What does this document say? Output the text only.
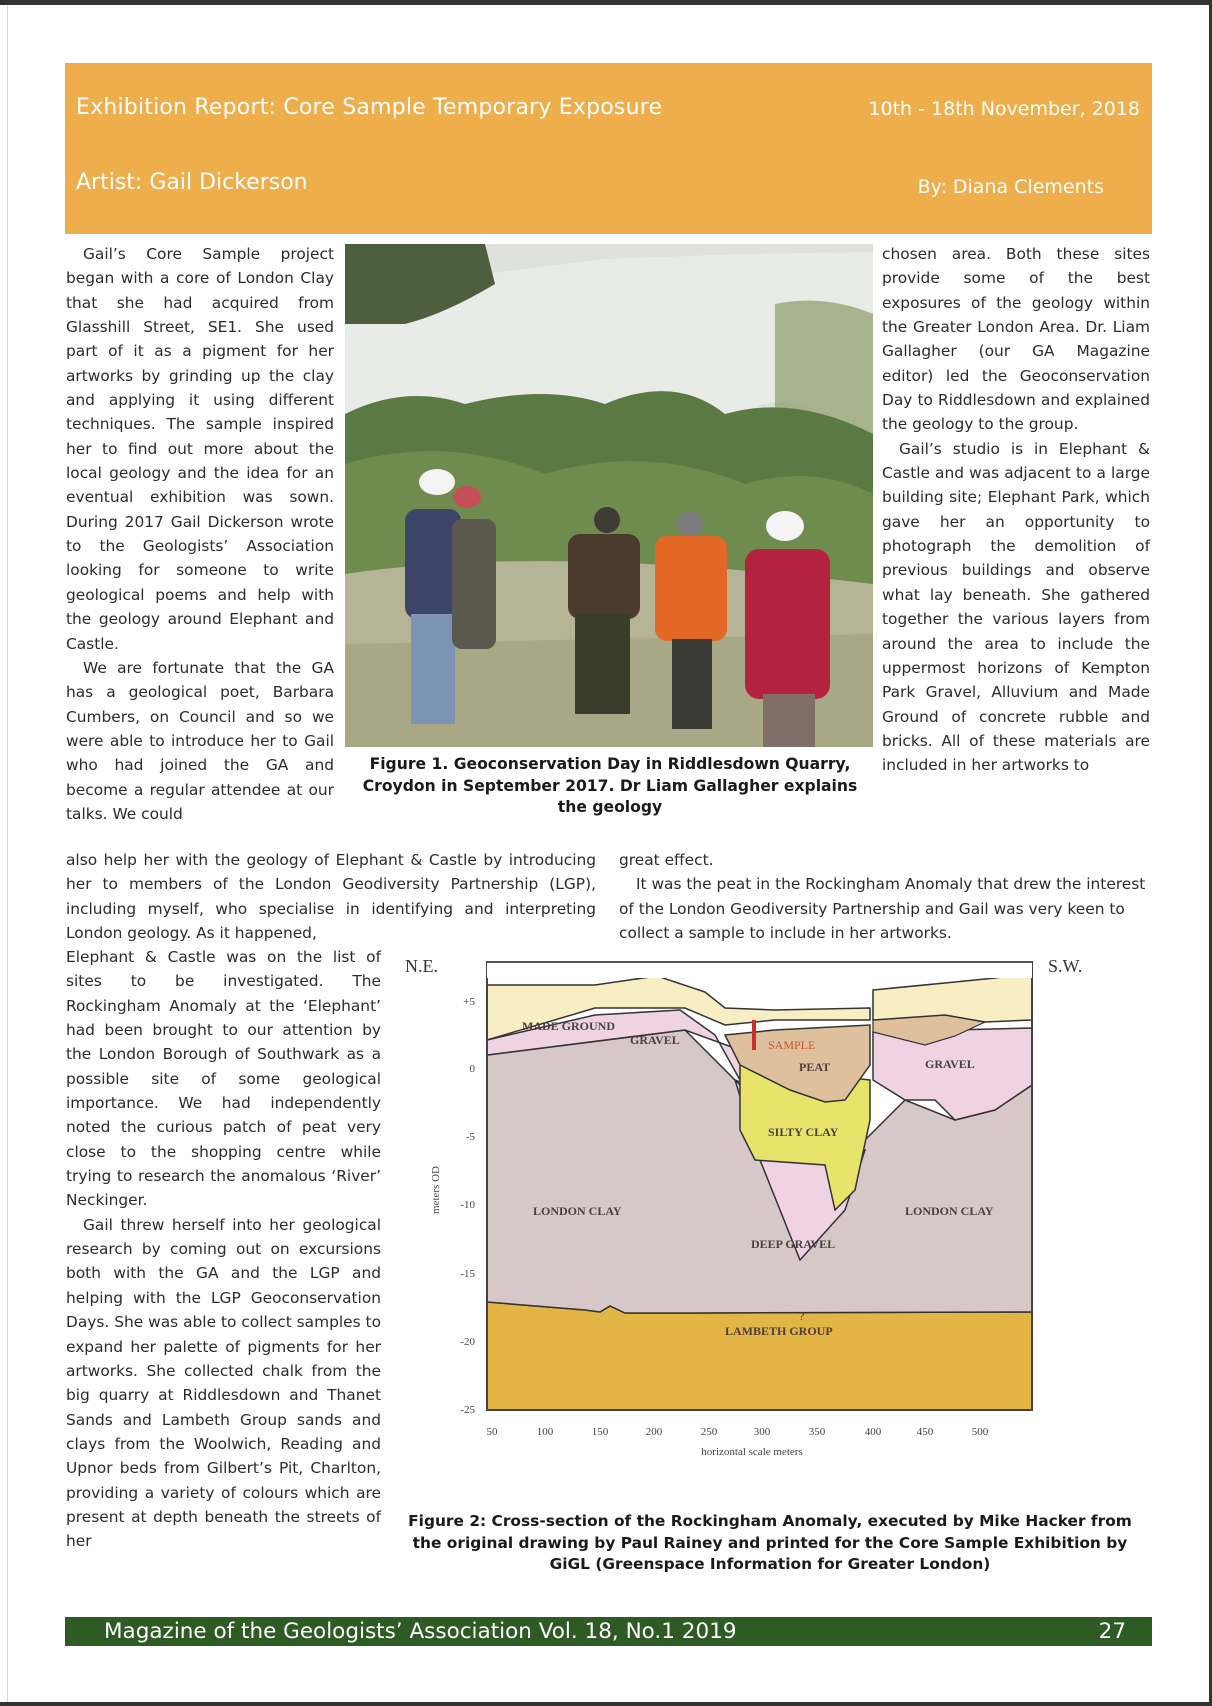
Exhibition Report: Core Sample Temporary Exposure	10th - 18th November, 2018
Artist: Gail Dickerson	By: Diana Clements

Gail’s Core Sample project began with a core of London Clay that she had acquired from Glasshill Street, SE1. She used part of it as a pigment for her artworks by grinding up the clay and applying it using different techniques. The sample inspired her to find out more about the local geology and the idea for an eventual exhibition was sown. During 2017 Gail Dickerson wrote to the Geologists’ Association looking for someone to write geological poems and help with the geology around Elephant and Castle.

We are fortunate that the GA has a geological poet, Barbara Cumbers, on Council and so we were able to introduce her to Gail who had joined the GA and become a regular attendee at our talks. We could

Figure 1. Geoconservation Day in Riddlesdown Quarry, Croydon in September 2017. Dr Liam Gallagher explains the geology

chosen area. Both these sites provide some of the best exposures of the geology within the Greater London Area. Dr. Liam Gallagher (our GA Magazine editor) led the Geoconservation Day to Riddlesdown and explained the geology to the group.

Gail’s studio is in Elephant & Castle and was adjacent to a large building site; Elephant Park, which gave her an opportunity to photograph the demolition of previous buildings and observe what lay beneath. She gathered together the various layers from around the area to include the uppermost horizons of Kempton Park Gravel, Alluvium and Made Ground of concrete rubble and bricks. All of these materials are included in her artworks to

also help her with the geology of Elephant & Castle by introducing her to members of the London Geodiversity Partnership (LGP), including myself, who specialise in identifying and interpreting London geology. As it happened,

great effect.

It was the peat in the Rockingham Anomaly that drew the interest of the London Geodiversity Partnership and Gail was very keen to collect a sample to include in her artworks.

Elephant & Castle was on the list of sites to be investigated. The Rockingham Anomaly at the ‘Elephant’ had been brought to our attention by the London Borough of Southwark as a possible site of some geological importance. We had independently noted the curious patch of peat very close to the shopping centre while trying to research the anomalous ‘River’ Neckinger.

Gail threw herself into her geological research by coming out on excursions both with the GA and the LGP and helping with the LGP Geoconservation Days. She was able to collect samples to expand her palette of pigments for her artworks. She collected chalk from the big quarry at Riddlesdown and Thanet Sands and Lambeth Group sands and clays from the Woolwich, Reading and Upnor beds from Gilbert’s Pit, Charlton, providing a variety of colours which are present at depth beneath the streets of her

N.E.	S.W.
+5
0
-5
-10
-15
-20
-25
meters OD
50	100	150	200	250	300	350	400	450	500
horizontal scale meters
MADE GROUND
GRAVEL	SAMPLE
PEAT
SILTY CLAY
GRAVEL
LONDON CLAY	LONDON CLAY
DEEP GRAVEL
LAMBETH GROUP
?
Figure 2: Cross-section of the Rockingham Anomaly, executed by Mike Hacker from the original drawing by Paul Rainey and printed for the Core Sample Exhibition by GiGL (Greenspace Information for Greater London)
Magazine of the Geologists’ Association Vol. 18, No.1 2019	27
